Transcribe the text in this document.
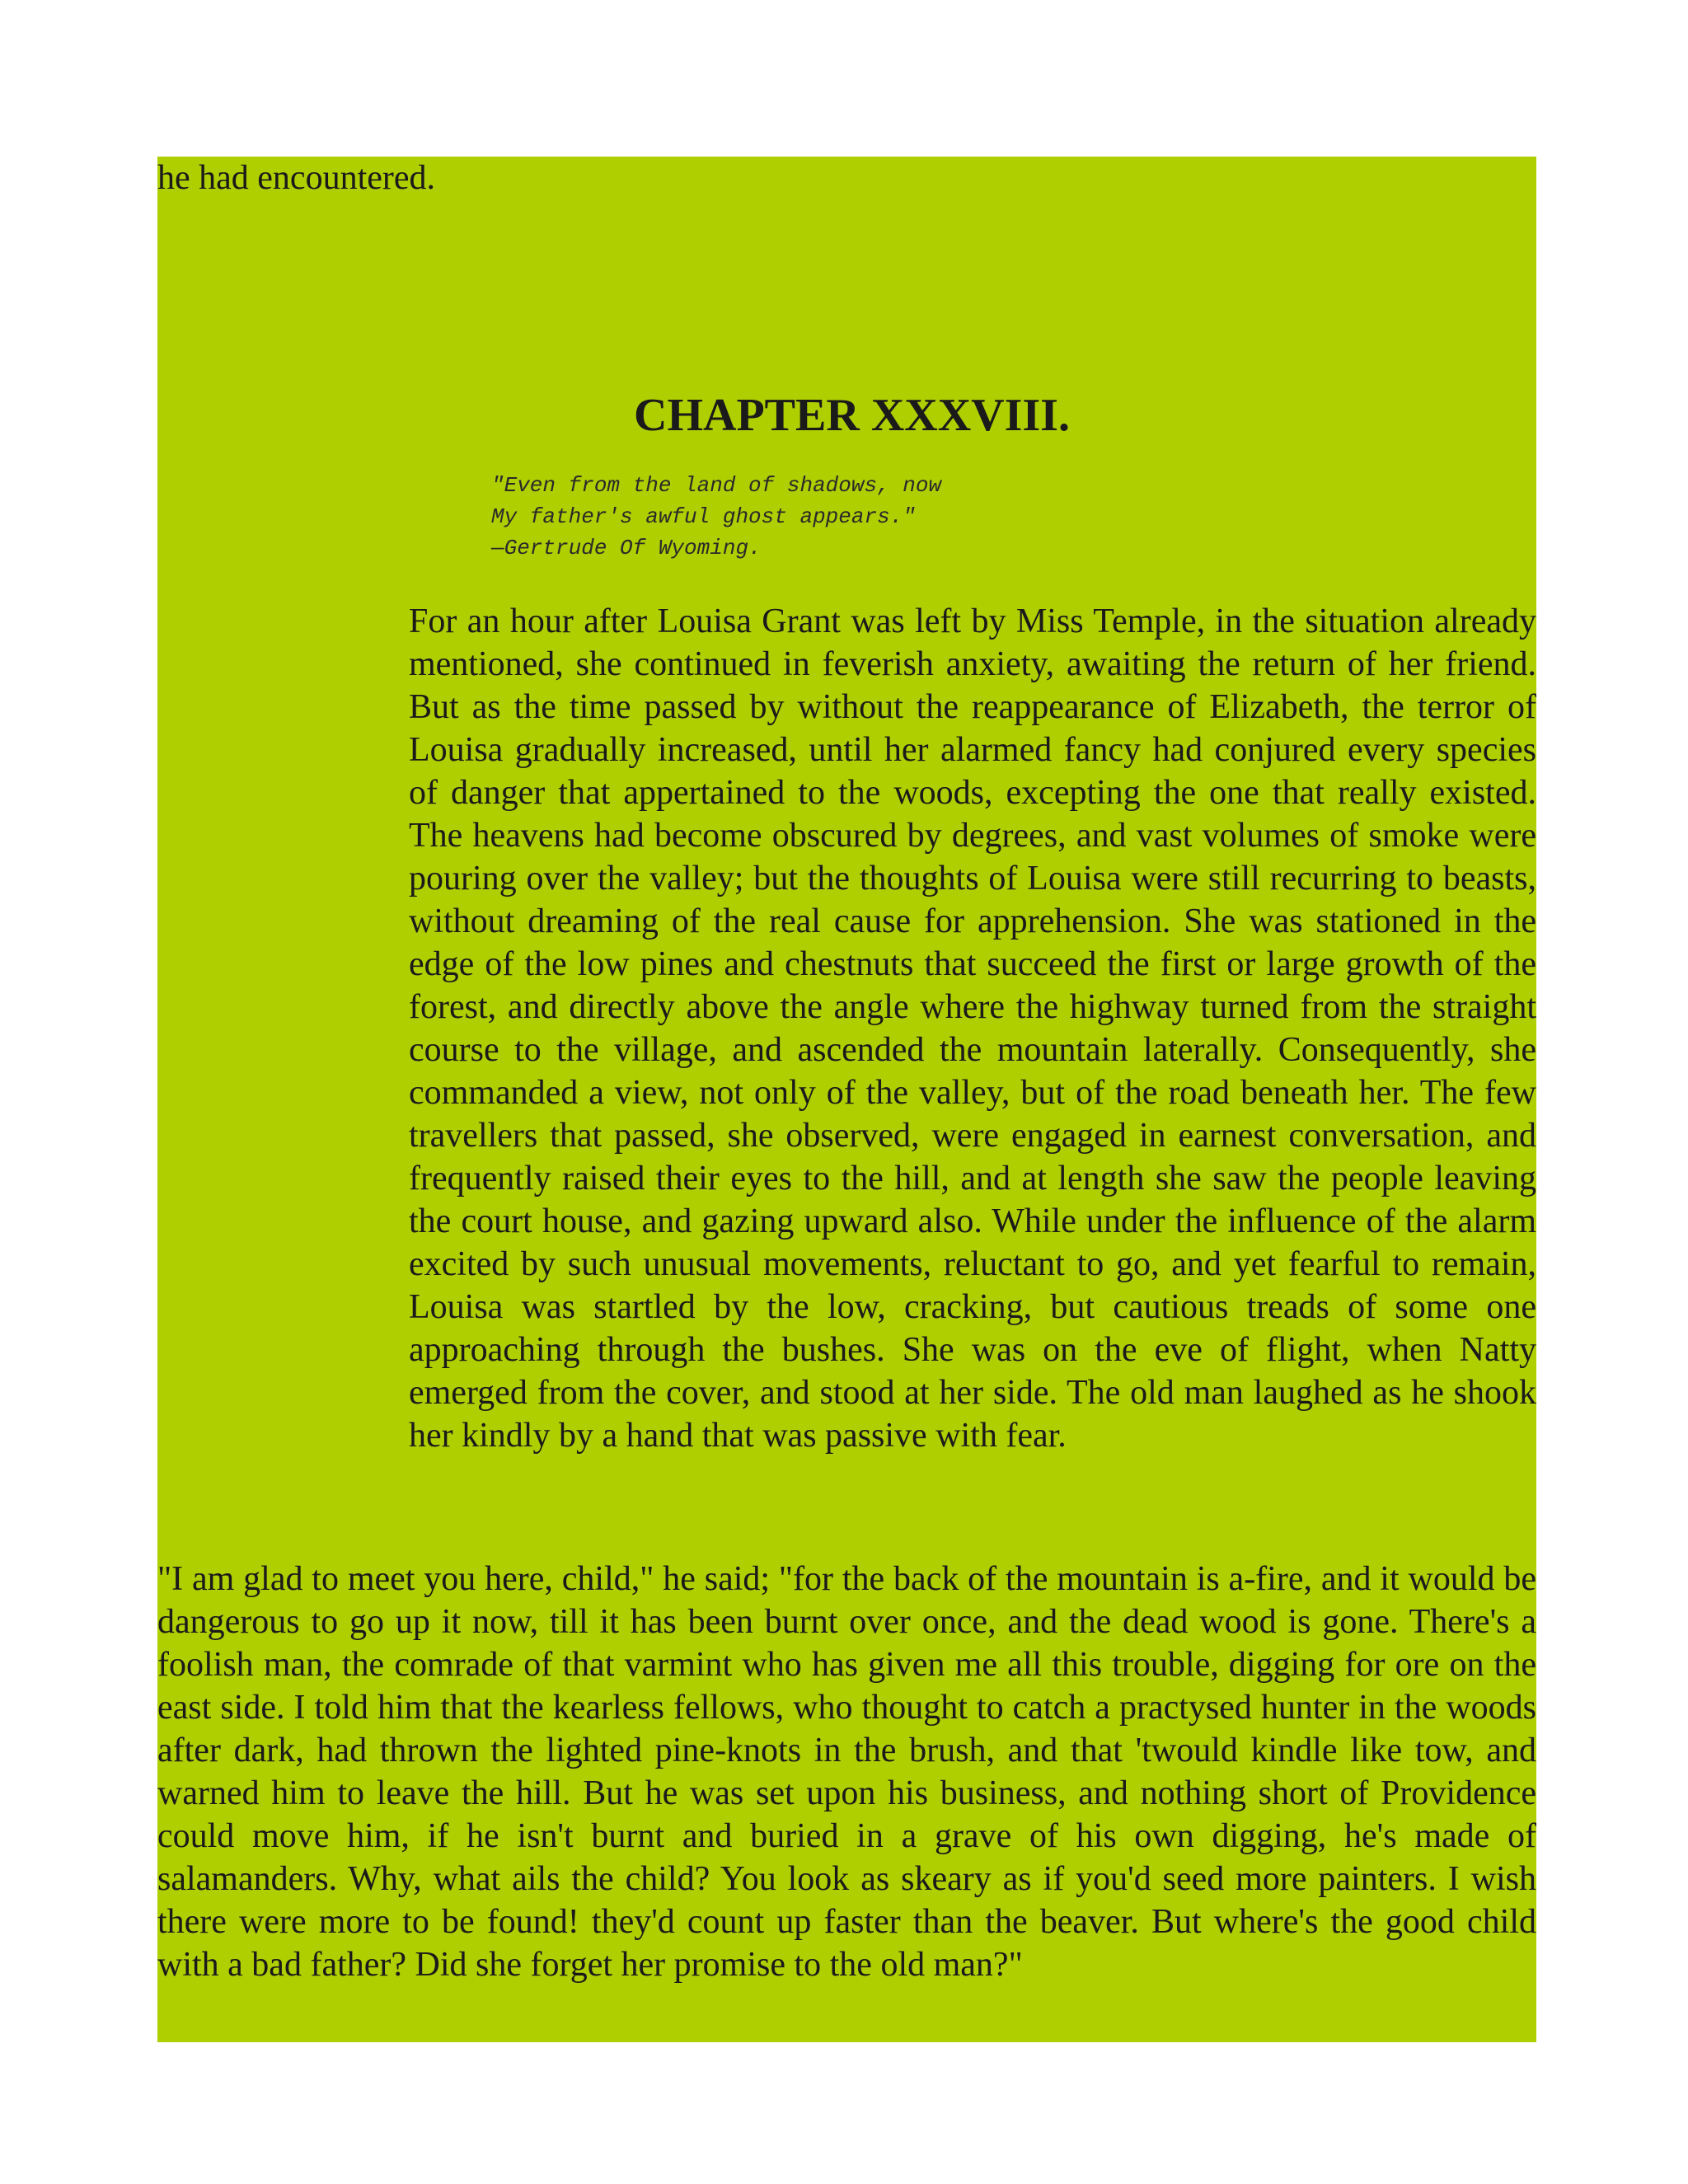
he had encountered.
CHAPTER XXXVIII.
"Even from the land of shadows, now
My father's awful ghost appears."
—Gertrude Of Wyoming.

For an hour after Louisa Grant was left by Miss Temple, in the situation already mentioned, she continued in feverish anxiety, awaiting the return of her friend. But as the time passed by without the reappearance of Elizabeth, the terror of Louisa gradually increased, until her alarmed fancy had conjured every species of danger that appertained to the woods, excepting the one that really existed. The heavens had become obscured by degrees, and vast volumes of smoke were pouring over the valley; but the thoughts of Louisa were still recurring to beasts, without dreaming of the real cause for apprehension. She was stationed in the edge of the low pines and chestnuts that succeed the first or large growth of the forest, and directly above the angle where the highway turned from the straight course to the village, and ascended the mountain laterally. Consequently, she commanded a view, not only of the valley, but of the road beneath her. The few travellers that passed, she observed, were engaged in earnest conversation, and frequently raised their eyes to the hill, and at length she saw the people leaving the court house, and gazing upward also. While under the influence of the alarm excited by such unusual movements, reluctant to go, and yet fearful to remain, Louisa was startled by the low, cracking, but cautious treads of some one approaching through the bushes. She was on the eve of flight, when Natty emerged from the cover, and stood at her side. The old man laughed as he shook her kindly by a hand that was passive with fear.

"I am glad to meet you here, child," he said; "for the back of the mountain is a-fire, and it would be dangerous to go up it now, till it has been burnt over once, and the dead wood is gone. There's a foolish man, the comrade of that varmint who has given me all this trouble, digging for ore on the east side. I told him that the kearless fellows, who thought to catch a practysed hunter in the woods after dark, had thrown the lighted pine-knots in the brush, and that 'twould kindle like tow, and warned him to leave the hill. But he was set upon his business, and nothing short of Providence could move him, if he isn't burnt and buried in a grave of his own digging, he's made of salamanders. Why, what ails the child? You look as skeary as if you'd seed more painters. I wish there were more to be found! they'd count up faster than the beaver. But where's the good child with a bad father? Did she forget her promise to the old man?"
